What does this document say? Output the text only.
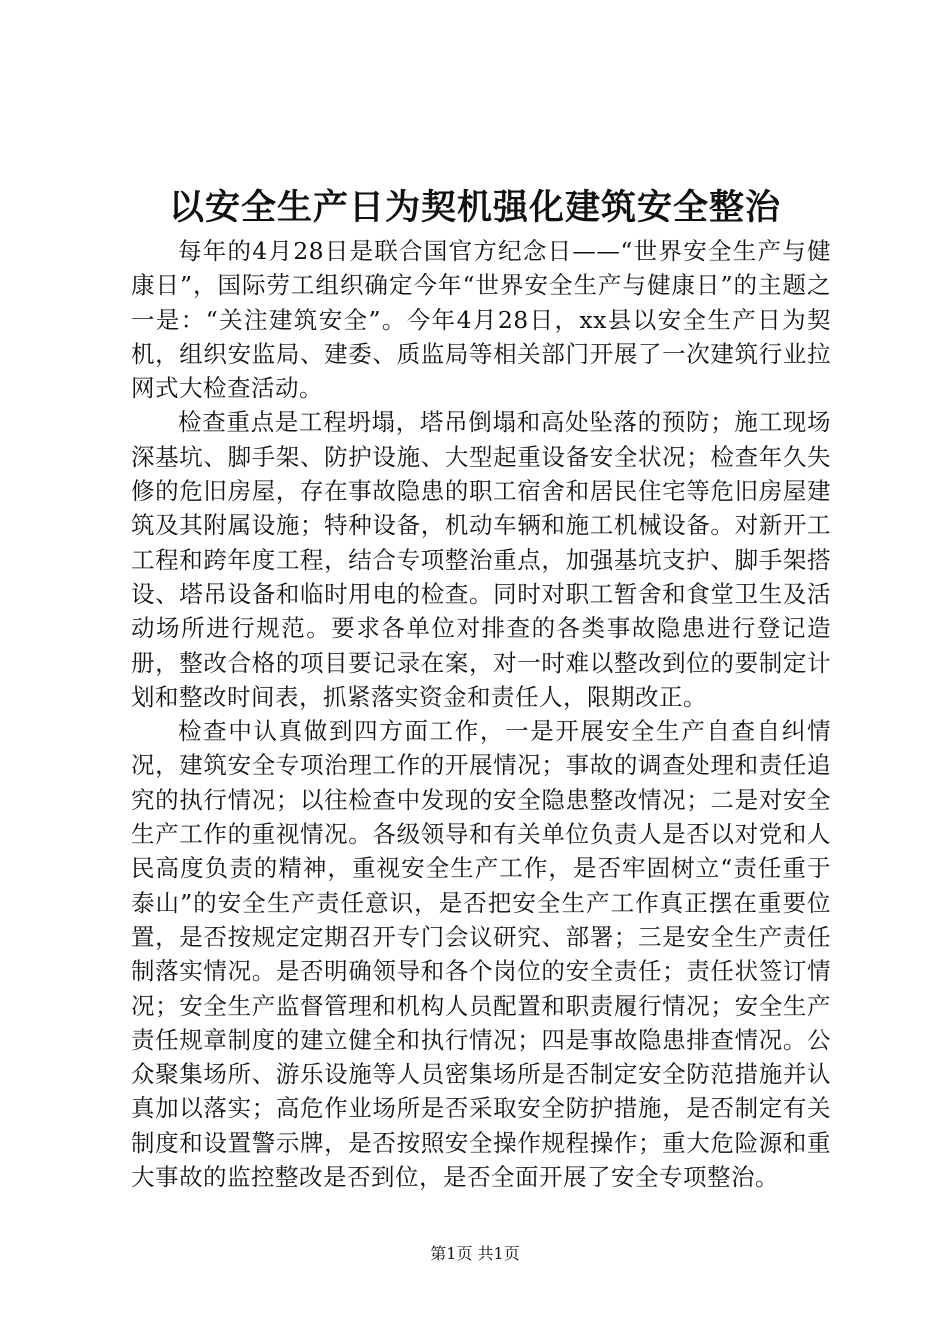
以安全生产日为契机强化建筑安全整治

每年的4月28日是联合国官方纪念日——“世界安全生产与健康日”，国际劳工组织确定今年“世界安全生产与健康日”的主题之一是：“关注建筑安全”。今年4月28日，xx县以安全生产日为契机，组织安监局、建委、质监局等相关部门开展了一次建筑行业拉网式大检查活动。

检查重点是工程坍塌，塔吊倒塌和高处坠落的预防；施工现场深基坑、脚手架、防护设施、大型起重设备安全状况；检查年久失修的危旧房屋，存在事故隐患的职工宿舍和居民住宅等危旧房屋建筑及其附属设施；特种设备，机动车辆和施工机械设备。对新开工工程和跨年度工程，结合专项整治重点，加强基坑支护、脚手架搭设、塔吊设备和临时用电的检查。同时对职工暂舍和食堂卫生及活动场所进行规范。要求各单位对排查的各类事故隐患进行登记造册，整改合格的项目要记录在案，对一时难以整改到位的要制定计划和整改时间表，抓紧落实资金和责任人，限期改正。

检查中认真做到四方面工作，一是开展安全生产自查自纠情况，建筑安全专项治理工作的开展情况；事故的调查处理和责任追究的执行情况；以往检查中发现的安全隐患整改情况；二是对安全生产工作的重视情况。各级领导和有关单位负责人是否以对党和人民高度负责的精神，重视安全生产工作，是否牢固树立“责任重于泰山”的安全生产责任意识，是否把安全生产工作真正摆在重要位置，是否按规定定期召开专门会议研究、部署；三是安全生产责任制落实情况。是否明确领导和各个岗位的安全责任；责任状签订情况；安全生产监督管理和机构人员配置和职责履行情况；安全生产责任规章制度的建立健全和执行情况；四是事故隐患排查情况。公众聚集场所、游乐设施等人员密集场所是否制定安全防范措施并认真加以落实；高危作业场所是否采取安全防护措施，是否制定有关制度和设置警示牌，是否按照安全操作规程操作；重大危险源和重大事故的监控整改是否到位，是否全面开展了安全专项整治。

第1页 共1页
